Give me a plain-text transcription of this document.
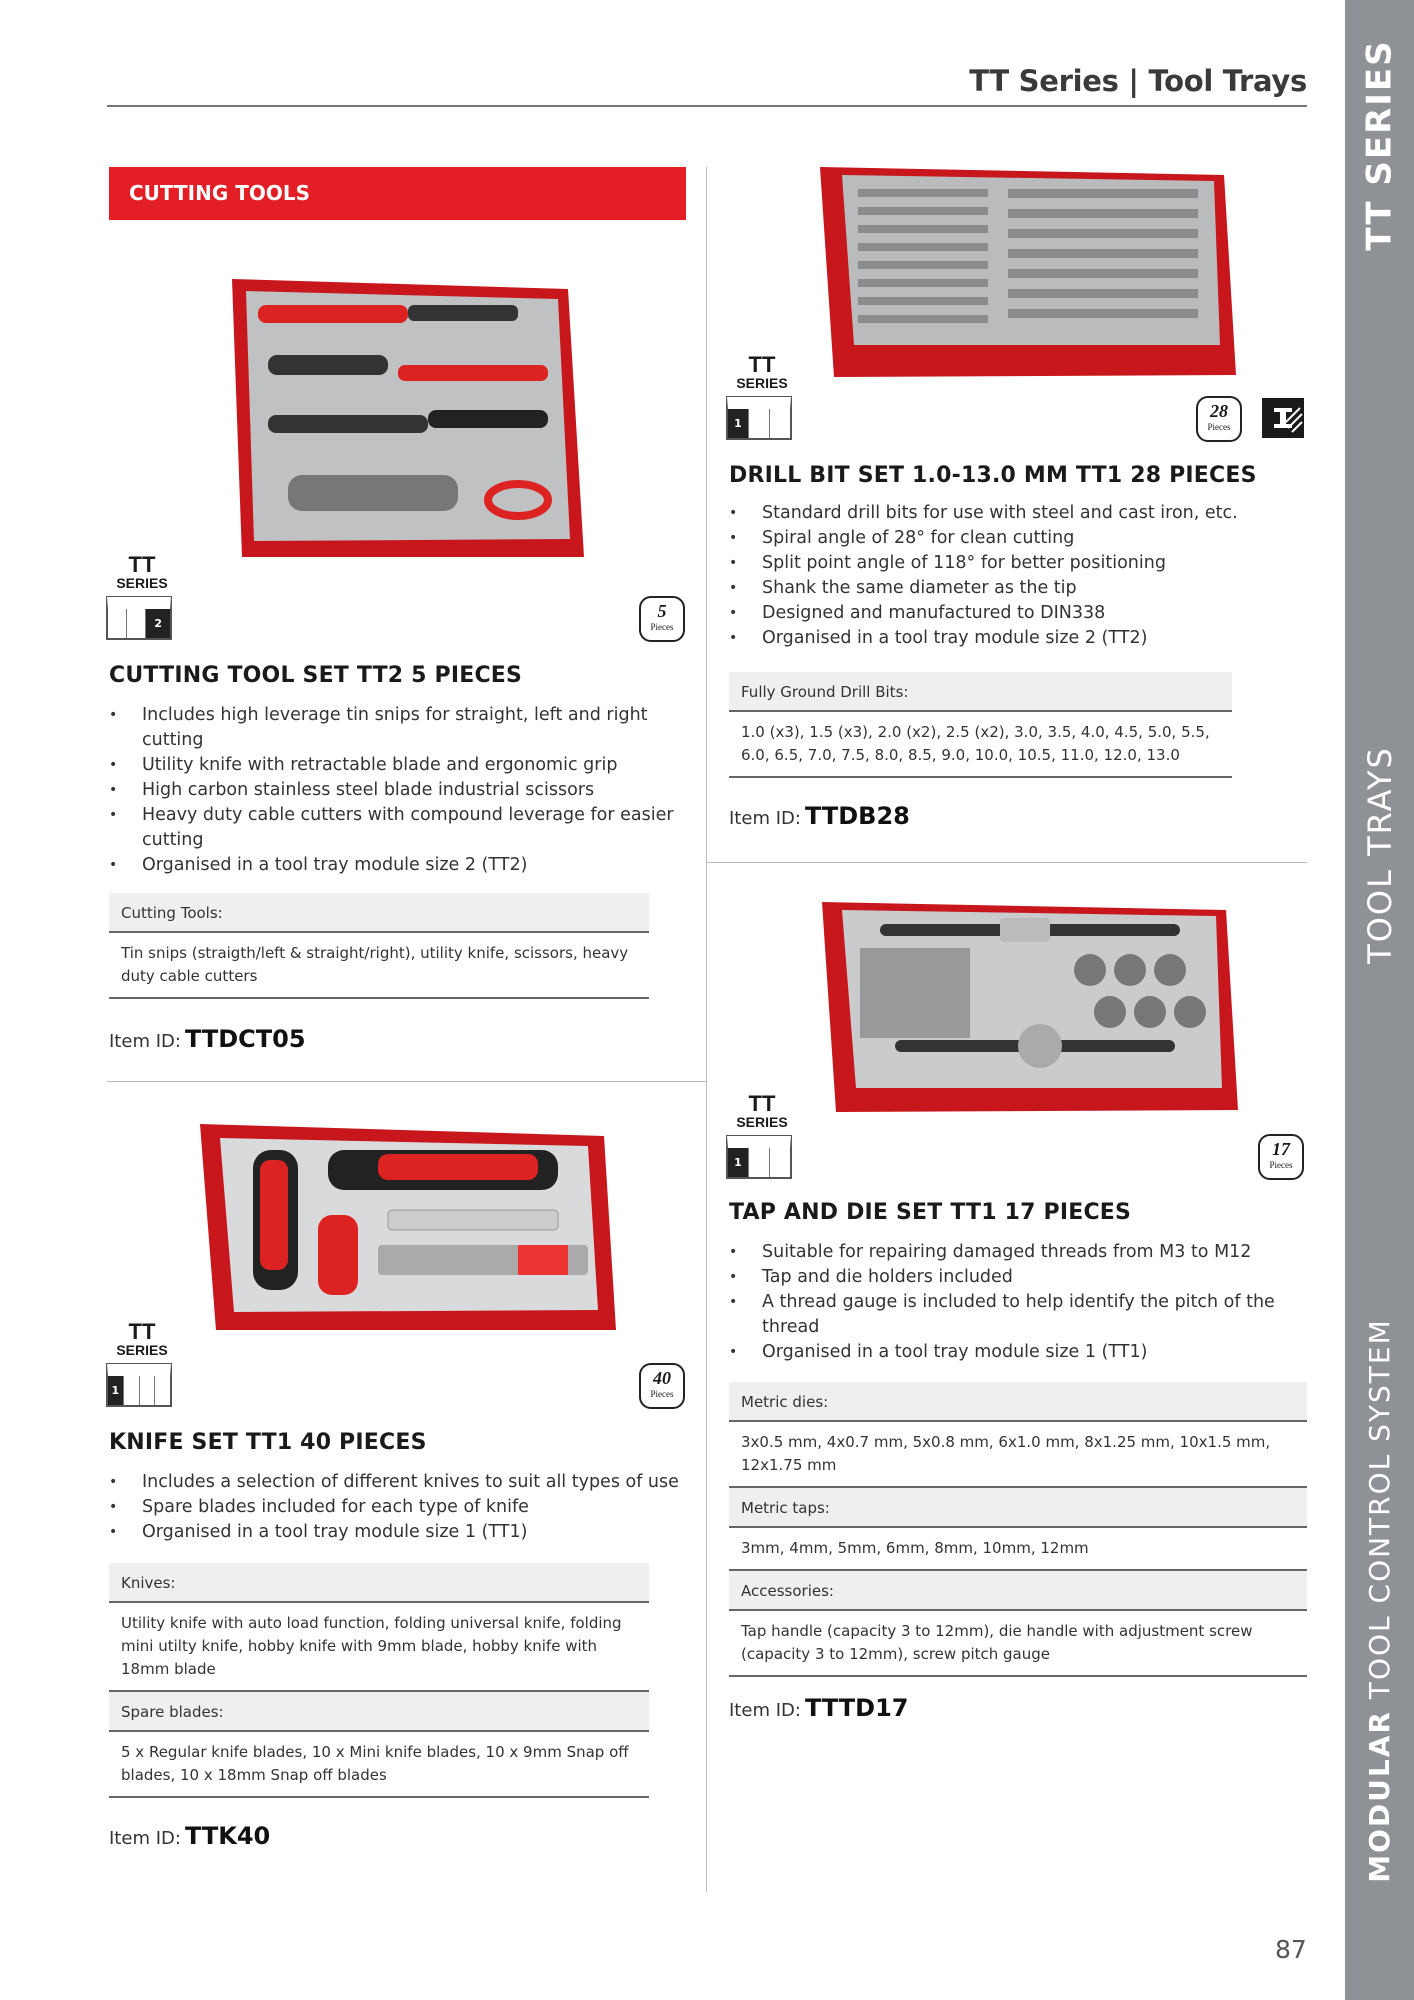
TT Series | Tool Trays TT SERIES
TOOL TRAYS
MODULAR TOOL CONTROL SYSTEM
CUTTING TOOLS
TT
SERIES
2
5
Pieces
CUTTING TOOL SET TT2 5 PIECES
• Includes high leverage tin snips for straight, left and right cutting
• Utility knife with retractable blade and ergonomic grip
• High carbon stainless steel blade industrial scissors
• Heavy duty cable cutters with compound leverage for easier cutting
• Organised in a tool tray module size 2 (TT2)
Cutting Tools:
Tin snips (straigth/left & straight/right), utility knife, scissors, heavy duty cable cutters
Item ID: TTDCT05
TT
SERIES
1
40
Pieces
KNIFE SET TT1 40 PIECES
• Includes a selection of different knives to suit all types of use
• Spare blades included for each type of knife
• Organised in a tool tray module size 1 (TT1)
Knives:
Utility knife with auto load function, folding universal knife, folding mini utilty knife, hobby knife with 9mm blade, hobby knife with 18mm blade
Spare blades:
5 x Regular knife blades, 10 x Mini knife blades, 10 x 9mm Snap off blades, 10 x 18mm Snap off blades
Item ID: TTK40
TT
SERIES
1
28
Pieces
DRILL BIT SET 1.0-13.0 MM TT1 28 PIECES
• Standard drill bits for use with steel and cast iron, etc.
• Spiral angle of 28° for clean cutting
• Split point angle of 118° for better positioning
• Shank the same diameter as the tip
• Designed and manufactured to DIN338
• Organised in a tool tray module size 2 (TT2)
Fully Ground Drill Bits:
1.0 (x3), 1.5 (x3), 2.0 (x2), 2.5 (x2), 3.0, 3.5, 4.0, 4.5, 5.0, 5.5, 6.0, 6.5, 7.0, 7.5, 8.0, 8.5, 9.0, 10.0, 10.5, 11.0, 12.0, 13.0
Item ID: TTDB28
TT
SERIES
1
17
Pieces
TAP AND DIE SET TT1 17 PIECES
• Suitable for repairing damaged threads from M3 to M12
• Tap and die holders included
• A thread gauge is included to help identify the pitch of the thread
• Organised in a tool tray module size 1 (TT1)
Metric dies:
3x0.5 mm, 4x0.7 mm, 5x0.8 mm, 6x1.0 mm, 8x1.25 mm, 10x1.5 mm, 12x1.75 mm
Metric taps:
3mm, 4mm, 5mm, 6mm, 8mm, 10mm, 12mm
Accessories:
Tap handle (capacity 3 to 12mm), die handle with adjustment screw (capacity 3 to 12mm), screw pitch gauge
Item ID: TTTD17
87
